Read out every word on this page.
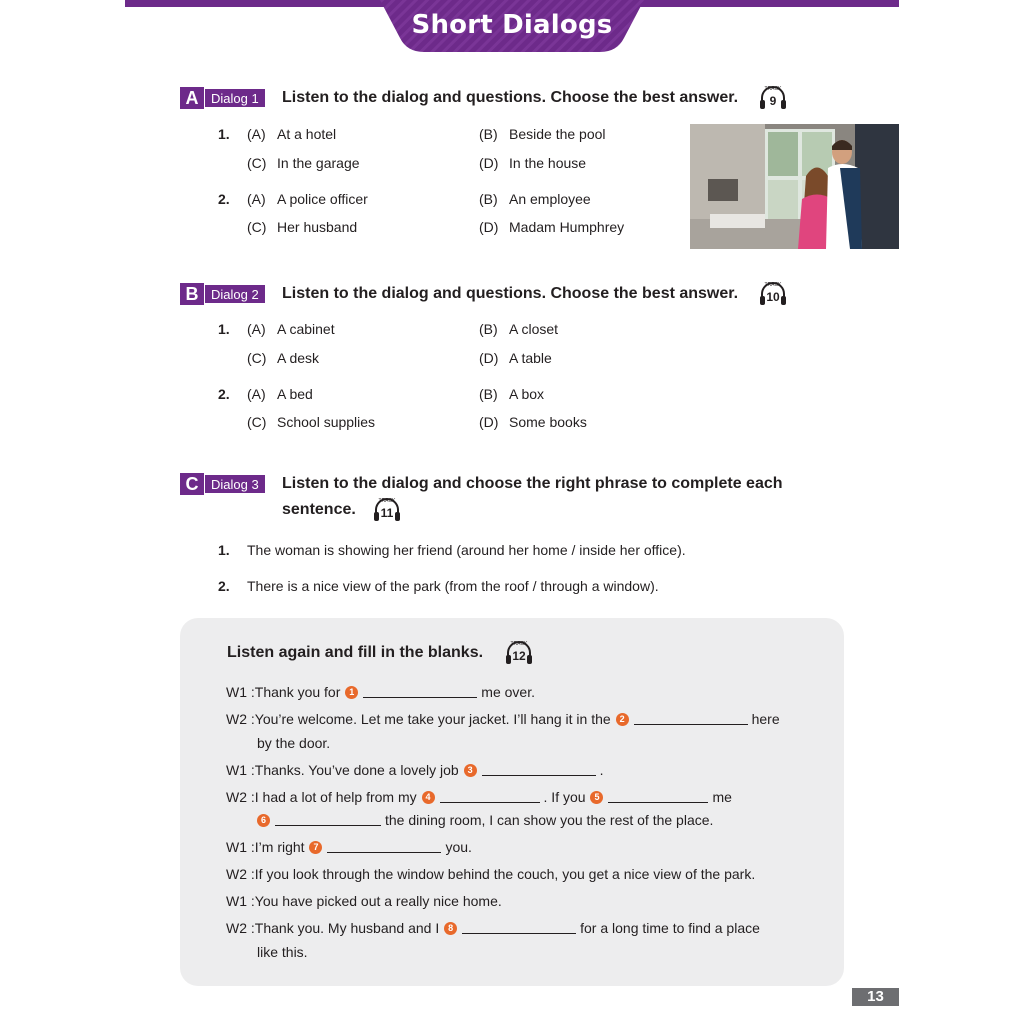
Short Dialogs
A Dialog 1	Listen to the dialog and questions. Choose the best answer.	TRACK
9
1. (A) At a hotel	(B) Beside the pool
(C) In the garage	(D) In the house
2. (A) A police officer	(B) An employee
(C) Her husband	(D) Madam Humphrey
B Dialog 2	Listen to the dialog and questions. Choose the best answer.	TRACK
10
1. (A) A cabinet	(B) A closet
(C) A desk	(D) A table
2. (A) A bed	(B) A box
(C) School supplies	(D) Some books
C Dialog 3	Listen to the dialog and choose the right phrase to complete each
sentence.	TRACK
11
1. The woman is showing her friend (around her home / inside her office).
2. There is a nice view of the park (from the roof / through a window).
Listen again and fill in the blanks.	TRACK
12
W1 :Thank you for 1	me over.
W2 :You’re welcome. Let me take your jacket. I’ll hang it in the 2	here
by the door.
W1 :Thanks. You’ve done a lovely job 3	.
W2 :I had a lot of help from my 4	. If you 5	me
6	the dining room, I can show you the rest of the place.
W1 :I’m right 7	you.
W2 :If you look through the window behind the couch, you get a nice view of the park.
W1 :You have picked out a really nice home.
W2 :Thank you. My husband and I 8	for a long time to find a place
like this.
13
